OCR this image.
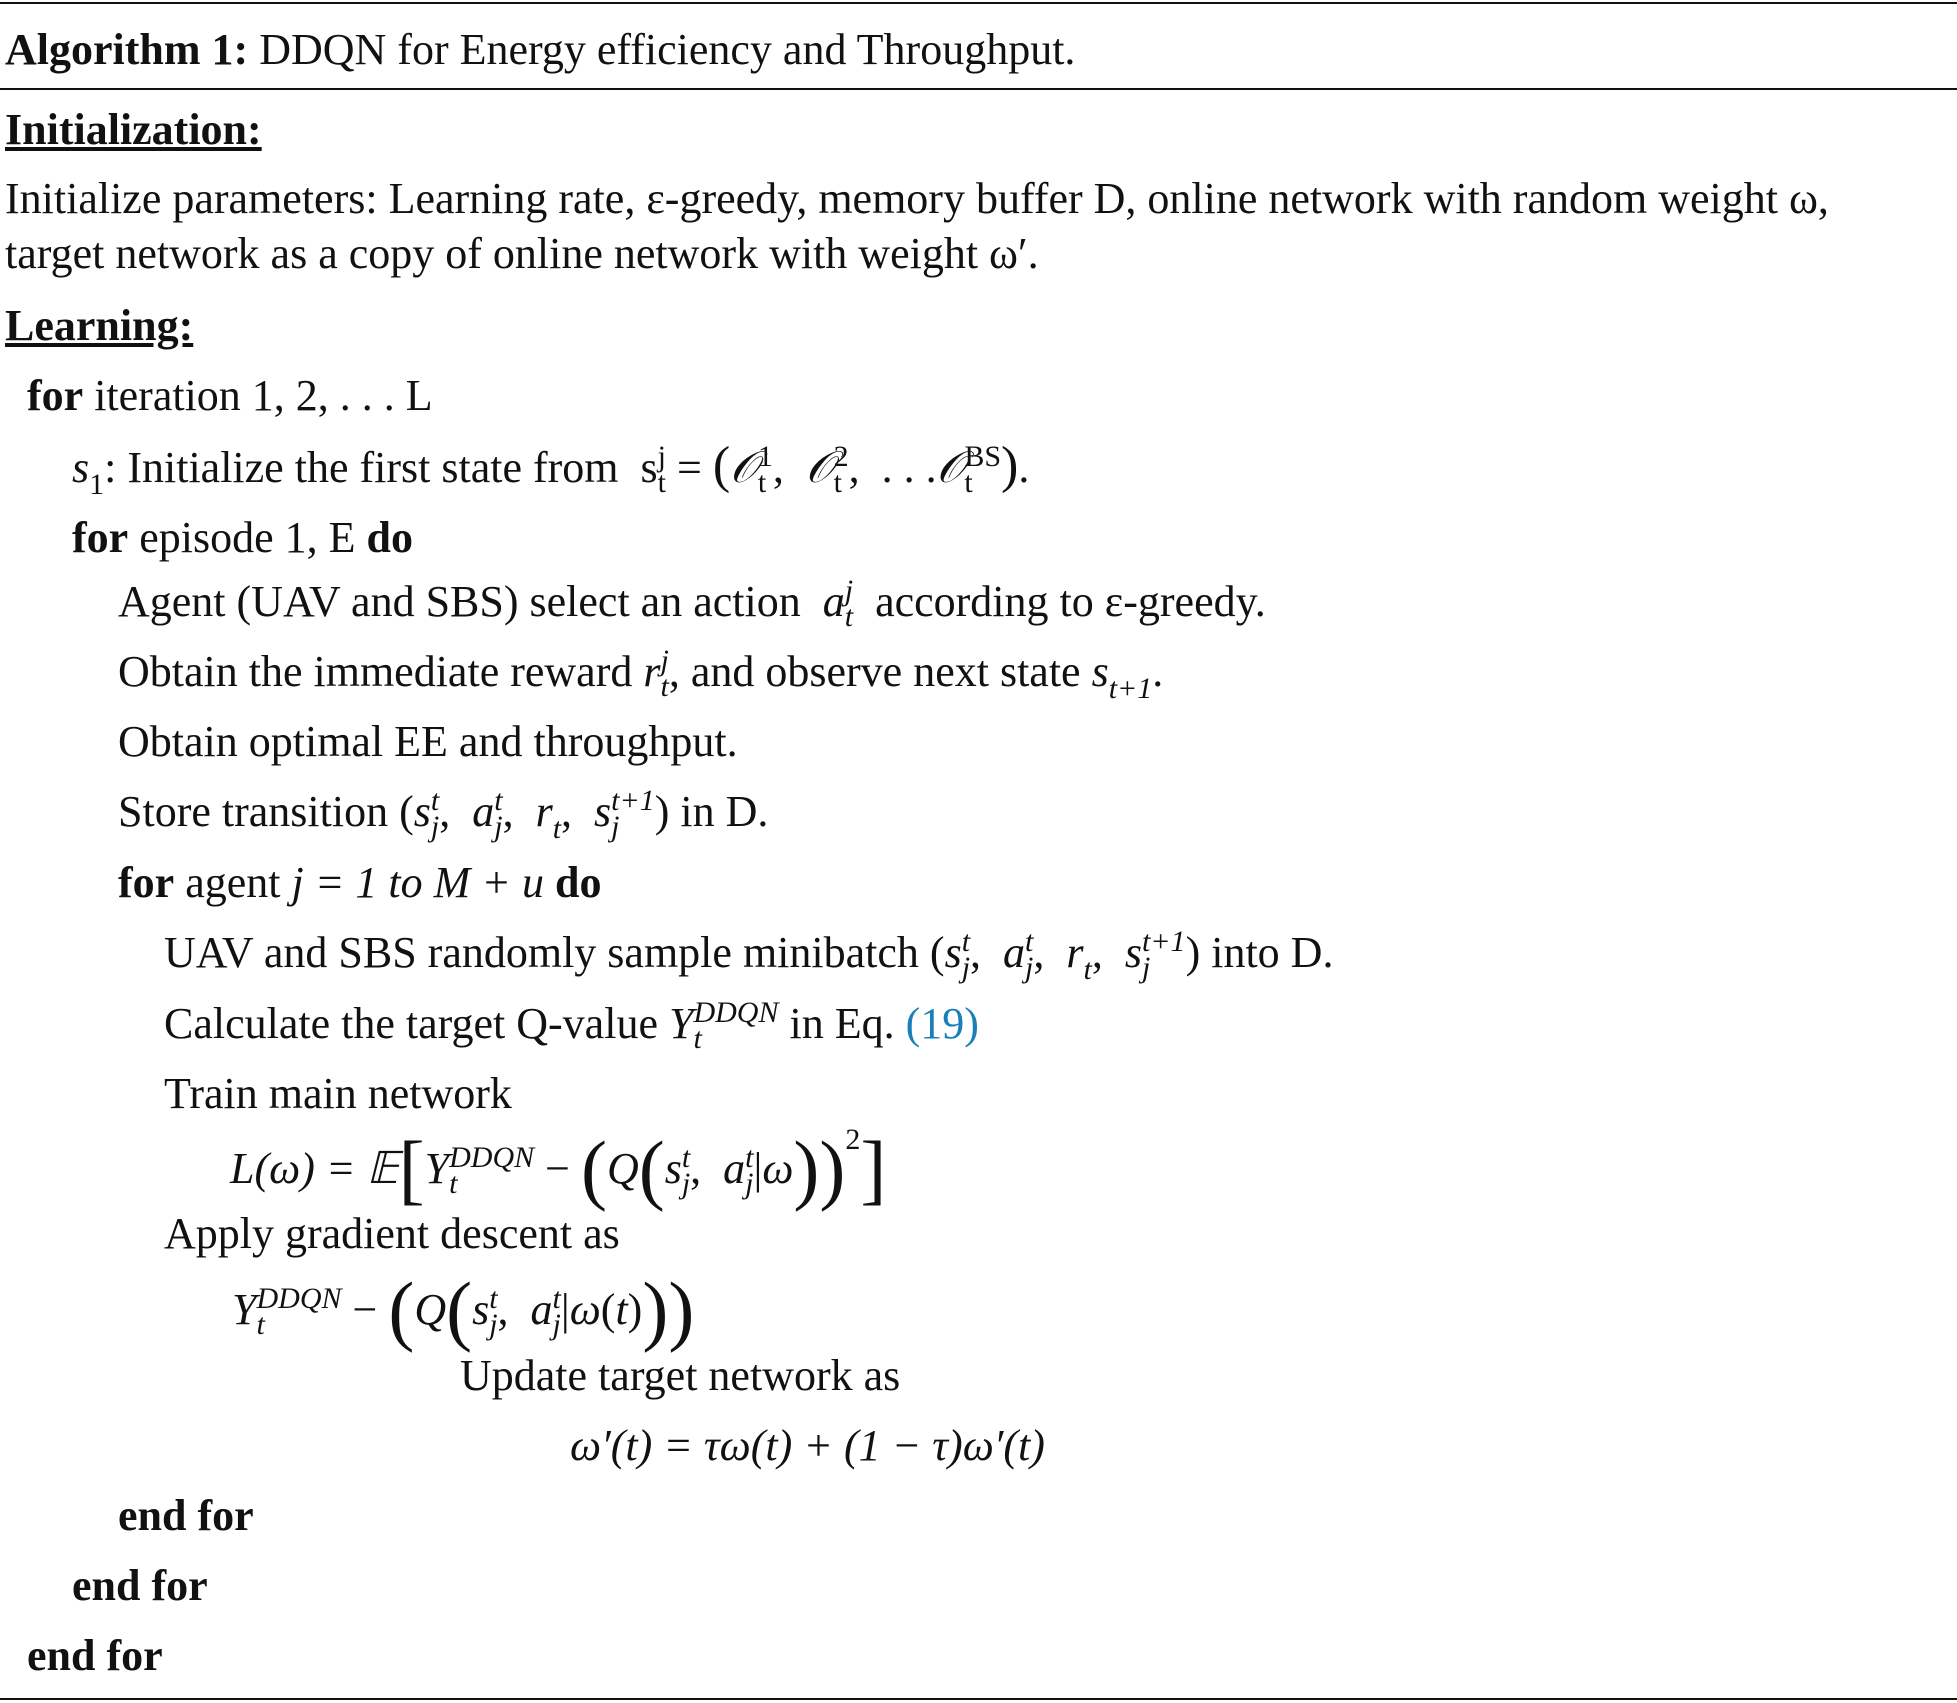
Algorithm 1: DDQN for Energy efficiency and Throughput.
Initialization:
Initialize parameters: Learning rate, ε-greedy, memory buffer D, online network with random weight ω,
target network as a copy of online network with weight ω′.
Learning:
for iteration 1, 2, . . . L
$s_1$: Initialize the first state from  s j
t = (𝒪 1
t ,  𝒪 2
t ,  . . .𝒪 BS
t ).
for episode 1, E do
Agent (UAV and SBS) select an action  a j
t according to ε-greedy.
Obtain the immediate reward r j
t , and observe next state $s_{t+1}$.
Obtain optimal EE and throughput.
Store transition (s t
j ,  a t
j ,  $r_t$,  s t+1
j ) in D.
for agent j = 1 to M + u do
UAV and SBS randomly sample minibatch (s t
j ,  a t
j ,  $r_t$,  s t+1
j ) into D.
Calculate the target Q-value Y DDQN
t	in Eq. (19)
Train main network
L(ω) = 𝔼[Y DDQN
t	− (Q(s t
j ,  a t
j |ω))$^2$]
Apply gradient descent as
Y DDQN
t	− (Q(s t
j ,  a t
j |ω(t)))
Update target network as
ω′(t) = τω(t) + (1 − τ)ω′(t)
end for
end for
end for
